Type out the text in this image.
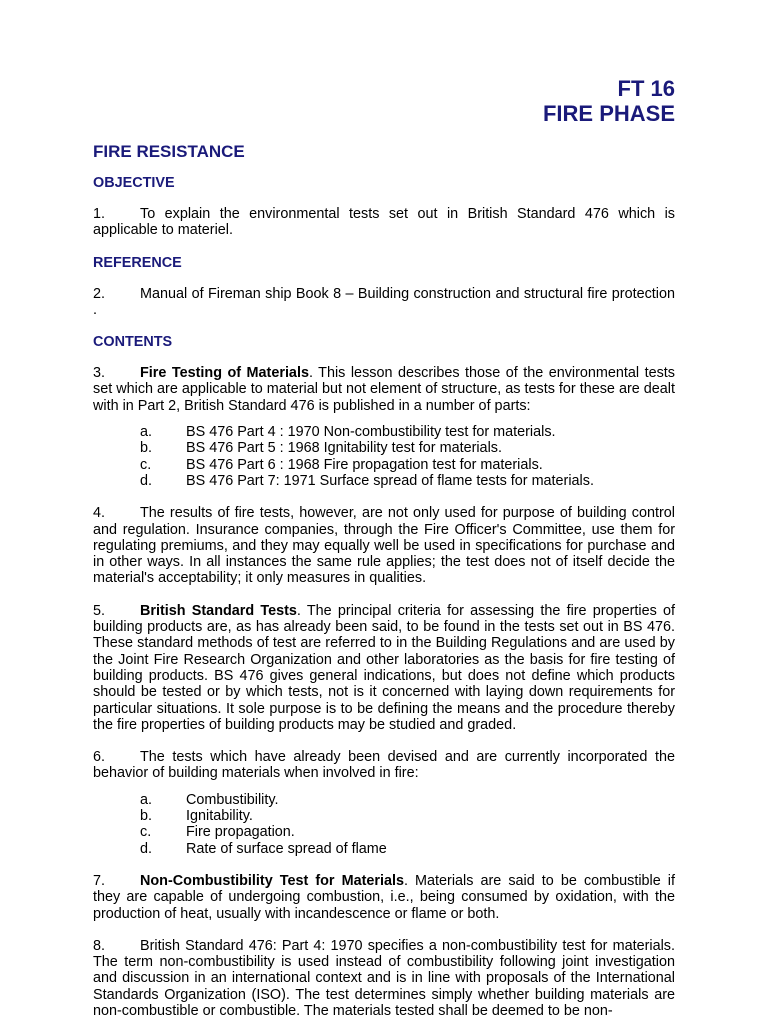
FT 16
FIRE PHASE
FIRE RESISTANCE
OBJECTIVE
1. To explain the environmental tests set out in British Standard 476 which is applicable to materiel.
REFERENCE
2. Manual of Fireman ship Book 8 – Building construction and structural fire protection .
CONTENTS
3. Fire Testing of Materials. This lesson describes those of the environmental tests set which are applicable to material but not element of structure, as tests for these are dealt with in Part 2, British Standard 476 is published in a number of parts:
a.	BS 476 Part 4 : 1970 Non-combustibility test for materials.
b.	BS 476 Part 5 : 1968 Ignitability test for materials.
c.	BS 476 Part 6 : 1968 Fire propagation test for materials.
d.	BS 476 Part 7: 1971 Surface spread of flame tests for materials.
4. The results of fire tests, however, are not only used for purpose of building control and regulation. Insurance companies, through the Fire Officer's Committee, use them for regulating premiums, and they may equally well be used in specifications for purchase and in other ways. In all instances the same rule applies; the test does not of itself decide the material's acceptability; it only measures in qualities.
5. British Standard Tests. The principal criteria for assessing the fire properties of building products are, as has already been said, to be found in the tests set out in BS 476. These standard methods of test are referred to in the Building Regulations and are used by the Joint Fire Research Organization and other laboratories as the basis for fire testing of building products. BS 476 gives general indications, but does not define which products should be tested or by which tests, not is it concerned with laying down requirements for particular situations. It sole purpose is to be defining the means and the procedure thereby the fire properties of building products may be studied and graded.
6. The tests which have already been devised and are currently incorporated the behavior of building materials when involved in fire:
a.	Combustibility.
b.	Ignitability.
c.	Fire propagation.
d.	Rate of surface spread of flame
7. Non-Combustibility Test for Materials. Materials are said to be combustible if they are capable of undergoing combustion, i.e., being consumed by oxidation, with the production of heat, usually with incandescence or flame or both.
8. British Standard 476: Part 4: 1970 specifies a non-combustibility test for materials. The term non-combustibility is used instead of combustibility following joint investigation and discussion in an international context and is in line with proposals of the International Standards Organization (ISO). The test determines simply whether building materials are non-combustible or combustible. The materials tested shall be deemed to be non-
